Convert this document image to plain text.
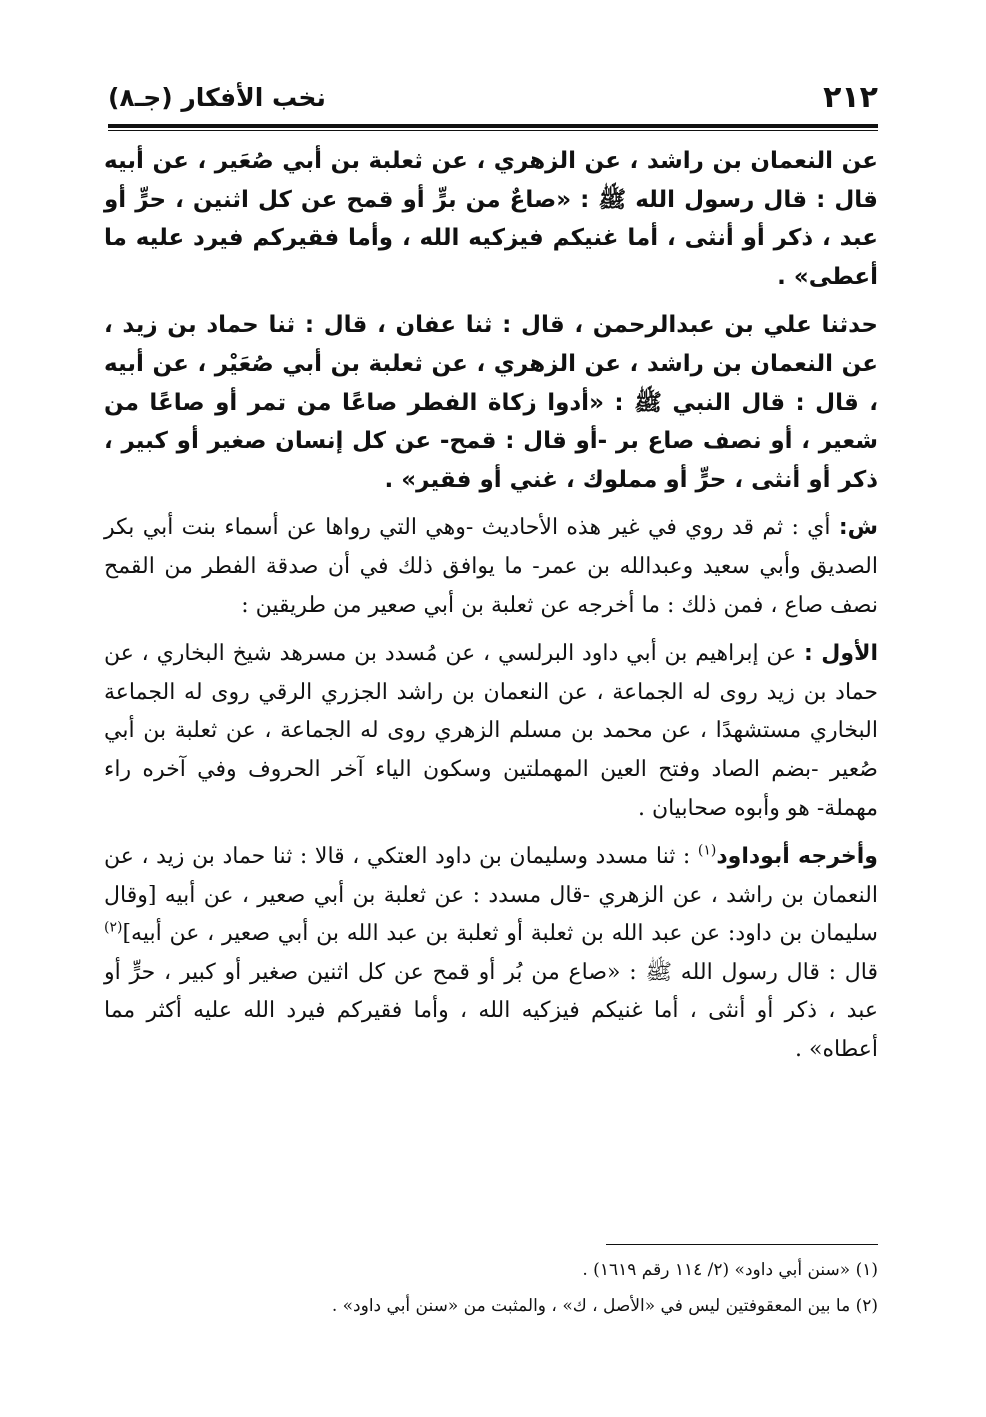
٢١٢
نخب الأفكار (جـ٨)

عن النعمان بن راشد ، عن الزهري ، عن ثعلبة بن أبي صُعَير ، عن أبيه قال : قال رسول الله ﷺ : «صاعٌ من برٍّ أو قمح عن كل اثنين ، حرٍّ أو عبد ، ذكر أو أنثى ، أما غنيكم فيزكيه الله ، وأما فقيركم فيرد عليه ما أعطى» .

حدثنا علي بن عبدالرحمن ، قال : ثنا عفان ، قال : ثنا حماد بن زيد ، عن النعمان بن راشد ، عن الزهري ، عن ثعلبة بن أبي صُعَيْر ، عن أبيه ، قال : قال النبي ﷺ : «أدوا زكاة الفطر صاعًا من تمر أو صاعًا من شعير ، أو نصف صاع بر -أو قال : قمح- عن كل إنسان صغير أو كبير ، ذكر أو أنثى ، حرٍّ أو مملوك ، غني أو فقير» .

ش: أي : ثم قد روي في غير هذه الأحاديث -وهي التي رواها عن أسماء بنت أبي بكر الصديق وأبي سعيد وعبدالله بن عمر- ما يوافق ذلك في أن صدقة الفطر من القمح نصف صاع ، فمن ذلك : ما أخرجه عن ثعلبة بن أبي صعير من طريقين :

الأول : عن إبراهيم بن أبي داود البرلسي ، عن مُسدد بن مسرهد شيخ البخاري ، عن حماد بن زيد روى له الجماعة ، عن النعمان بن راشد الجزري الرقي روى له الجماعة البخاري مستشهدًا ، عن محمد بن مسلم الزهري روى له الجماعة ، عن ثعلبة بن أبي صُعير -بضم الصاد وفتح العين المهملتين وسكون الياء آخر الحروف وفي آخره راء مهملة- هو وأبوه صحابيان .

وأخرجه أبوداود$^{(١)}$ : ثنا مسدد وسليمان بن داود العتكي ، قالا : ثنا حماد بن زيد ، عن النعمان بن راشد ، عن الزهري -قال مسدد : عن ثعلبة بن أبي صعير ، عن أبيه [وقال سليمان بن داود: عن عبد الله بن ثعلبة أو ثعلبة بن عبد الله بن أبي صعير ، عن أبيه]$^{(٢)}$ قال : قال رسول الله ﷺ : «صاع من بُر أو قمح عن كل اثنين صغير أو كبير ، حرٍّ أو عبد ، ذكر أو أنثى ، أما غنيكم فيزكيه الله ، وأما فقيركم فيرد الله عليه أكثر مما أعطاه» .

(١) «سنن أبي داود» (٢/ ١١٤ رقم ١٦١٩) .

(٢) ما بين المعقوفتين ليس في «الأصل ، ك» ، والمثبت من «سنن أبي داود» .
